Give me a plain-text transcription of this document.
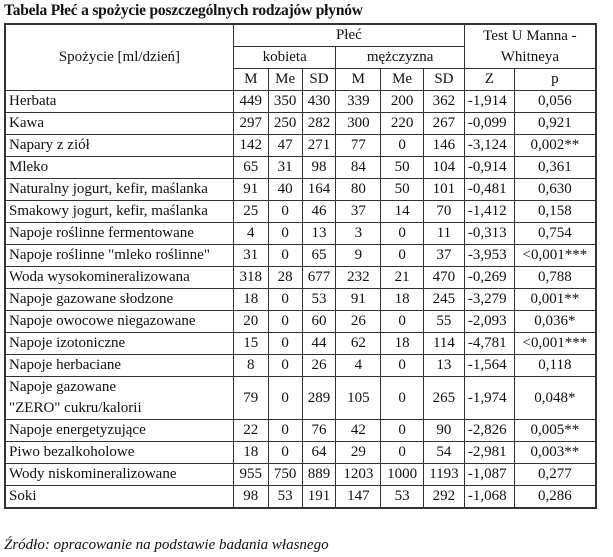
Tabela Płeć a spożycie poszczególnych rodzajów płynów
Spożycie [ml/dzień]	Płeć						Test U Manna -Whitneya	
	kobieta			mężczyzna				
	M	Me	SD	M	Me	SD	Z	p
Herbata	449	350	430	339	200	362	-1,914	0,056
Kawa	297	250	282	300	220	267	-0,099	0,921
Napary z ziół	142	47	271	77	0	146	-3,124	0,002**
Mleko	65	31	98	84	50	104	-0,914	0,361
Naturalny jogurt, kefir, maślanka	91	40	164	80	50	101	-0,481	0,630
Smakowy jogurt, kefir, maślanka	25	0	46	37	14	70	-1,412	0,158
Napoje roślinne fermentowane	4	0	13	3	0	11	-0,313	0,754
Napoje roślinne "mleko roślinne"	31	0	65	9	0	37	-3,953	<0,001***
Woda wysokomineralizowana	318	28	677	232	21	470	-0,269	0,788
Napoje gazowane słodzone	18	0	53	91	18	245	-3,279	0,001**
Napoje owocowe niegazowane	20	0	60	26	0	55	-2,093	0,036*
Napoje izotoniczne	15	0	44	62	18	114	-4,781	<0,001***
Napoje herbaciane	8	0	26	4	0	13	-1,564	0,118

Napoje gazowane
"ZERO" cukru/kalorii	79	0	289	105	0	265	-1,974	0,048*
Napoje energetyzujące	22	0	76	42	0	90	-2,826	0,005**
Piwo bezalkoholowe	18	0	64	29	0	54	-2,981	0,003**
Wody niskomineralizowane	955	750	889	1203	1000	1193	-1,087	0,277
Soki	98	53	191	147	53	292	-1,068	0,286
Źródło: opracowanie na podstawie badania własnego
